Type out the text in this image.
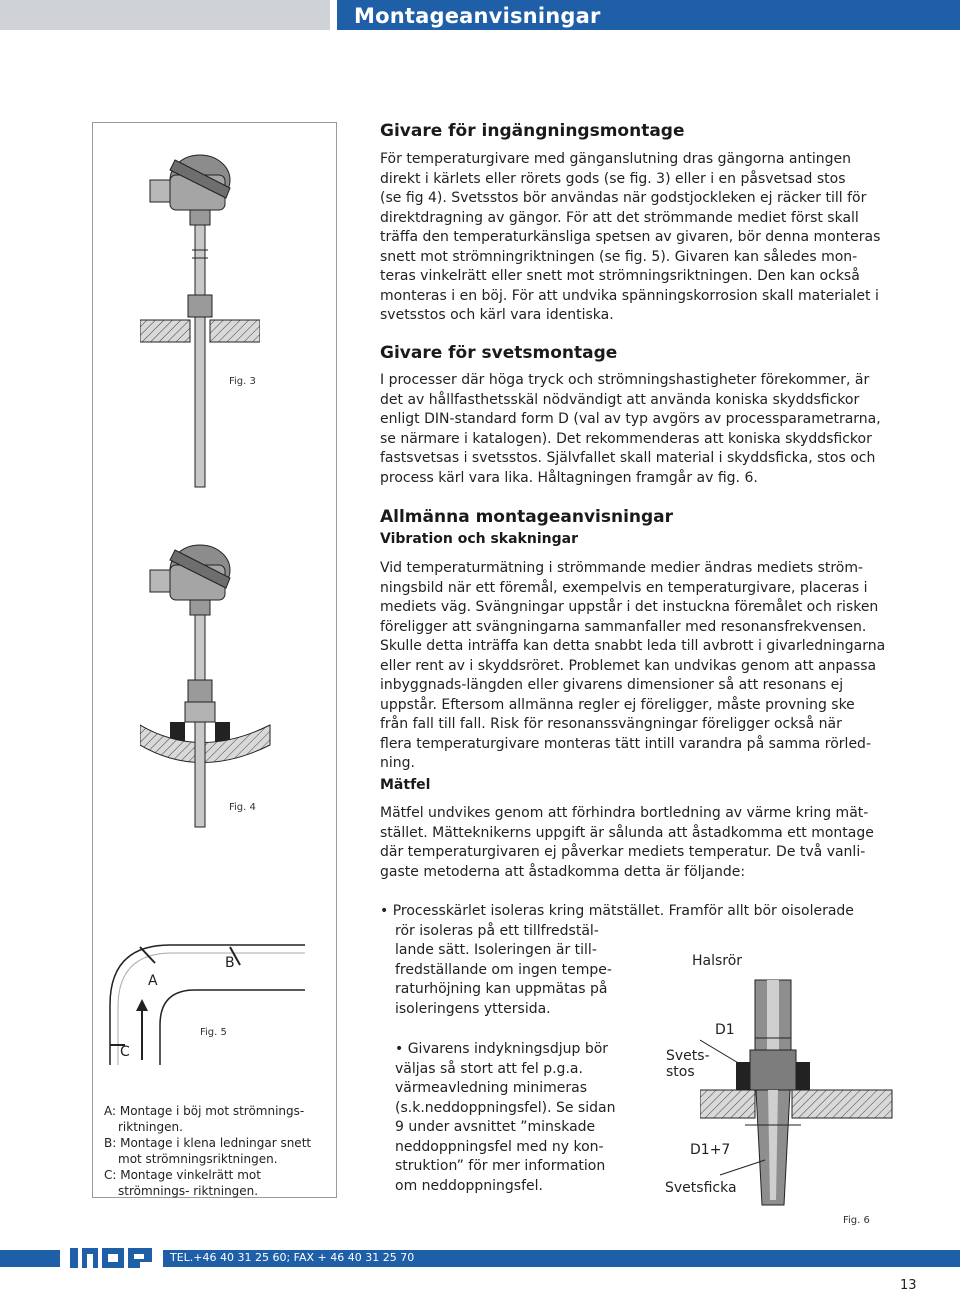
Montageanvisningar
Fig. 3
Fig. 4
A
B
C
Fig. 5
A: Montage i böj mot strömnings- riktningen.
B: Montage i klena ledningar snett mot strömningsriktningen.
C: Montage vinkelrätt mot strömnings- riktningen.
Givare för ingängningsmontage
För temperaturgivare med gänganslutning dras gängorna antingen
direkt i kärlets eller rörets gods (se fig. 3) eller i en påsvetsad stos
(se fig 4). Svetsstos bör användas när godstjockleken ej räcker till för
direktdragning av gängor. För att det strömmande mediet först skall
träffa den temperaturkänsliga spetsen av givaren, bör denna monteras
snett mot strömningriktningen (se fig. 5). Givaren kan således mon-
teras vinkelrätt eller snett mot strömningsriktningen. Den kan också
monteras i en böj. För att undvika spänningskorrosion skall materialet i
svetsstos och kärl vara identiska.
Givare för svetsmontage
I processer där höga tryck och strömningshastigheter förekommer, är
det av hållfasthetsskäl nödvändigt att använda koniska skyddsfickor
enligt DIN-standard form D (val av typ avgörs av processparametrarna,
se närmare i katalogen). Det rekommenderas att koniska skyddsfickor
fastsvetsas i svetsstos. Självfallet skall material i skyddsficka, stos och
process kärl vara lika. Håltagningen framgår av fig. 6.
Allmänna montageanvisningar
Vibration och skakningar
Vid temperaturmätning i strömmande medier ändras mediets ström-
ningsbild när ett föremål, exempelvis en temperaturgivare, placeras i
mediets väg. Svängningar uppstår i det instuckna föremålet och risken
föreligger att svängningarna sammanfaller med resonansfrekvensen.
Skulle detta inträffa kan detta snabbt leda till avbrott i givarledningarna
eller rent av i skyddsröret. Problemet kan undvikas genom att anpassa
inbyggnads-längden eller givarens dimensioner så att resonans ej
uppstår. Eftersom allmänna regler ej föreligger, måste provning ske
från fall till fall. Risk för resonanssvängningar föreligger också när
flera temperaturgivare monteras tätt intill varandra på samma rörled-
ning.
Mätfel
Mätfel undvikes genom att förhindra bortledning av värme kring mät-
stället. Mätteknikerns uppgift är sålunda att åstadkomma ett montage
där temperaturgivaren ej påverkar mediets temperatur. De två vanli-
gaste metoderna att åstadkomma detta är följande:
• Processkärlet isoleras kring mätstället. Framför allt bör oisolerade
rör isoleras på ett tillfredstäl-
lande sätt. Isoleringen är till-
fredställande om ingen tempe-
raturhöjning kan uppmätas på
isoleringens yttersida.
• Givarens indykningsdjup bör
väljas så stort att fel p.g.a.
värmeavledning minimeras
(s.k.neddoppningsfel). Se sidan
9 under avsnittet ”minskade
neddoppningsfel med ny kon-
struktion” för mer information
om neddoppningsfel.
Halsrör
D1
Svets-
stos
D1+7
Svetsficka
Fig. 6
INOR
TEL.+46 40 31 25 60; FAX + 46 40 31 25 70
13
